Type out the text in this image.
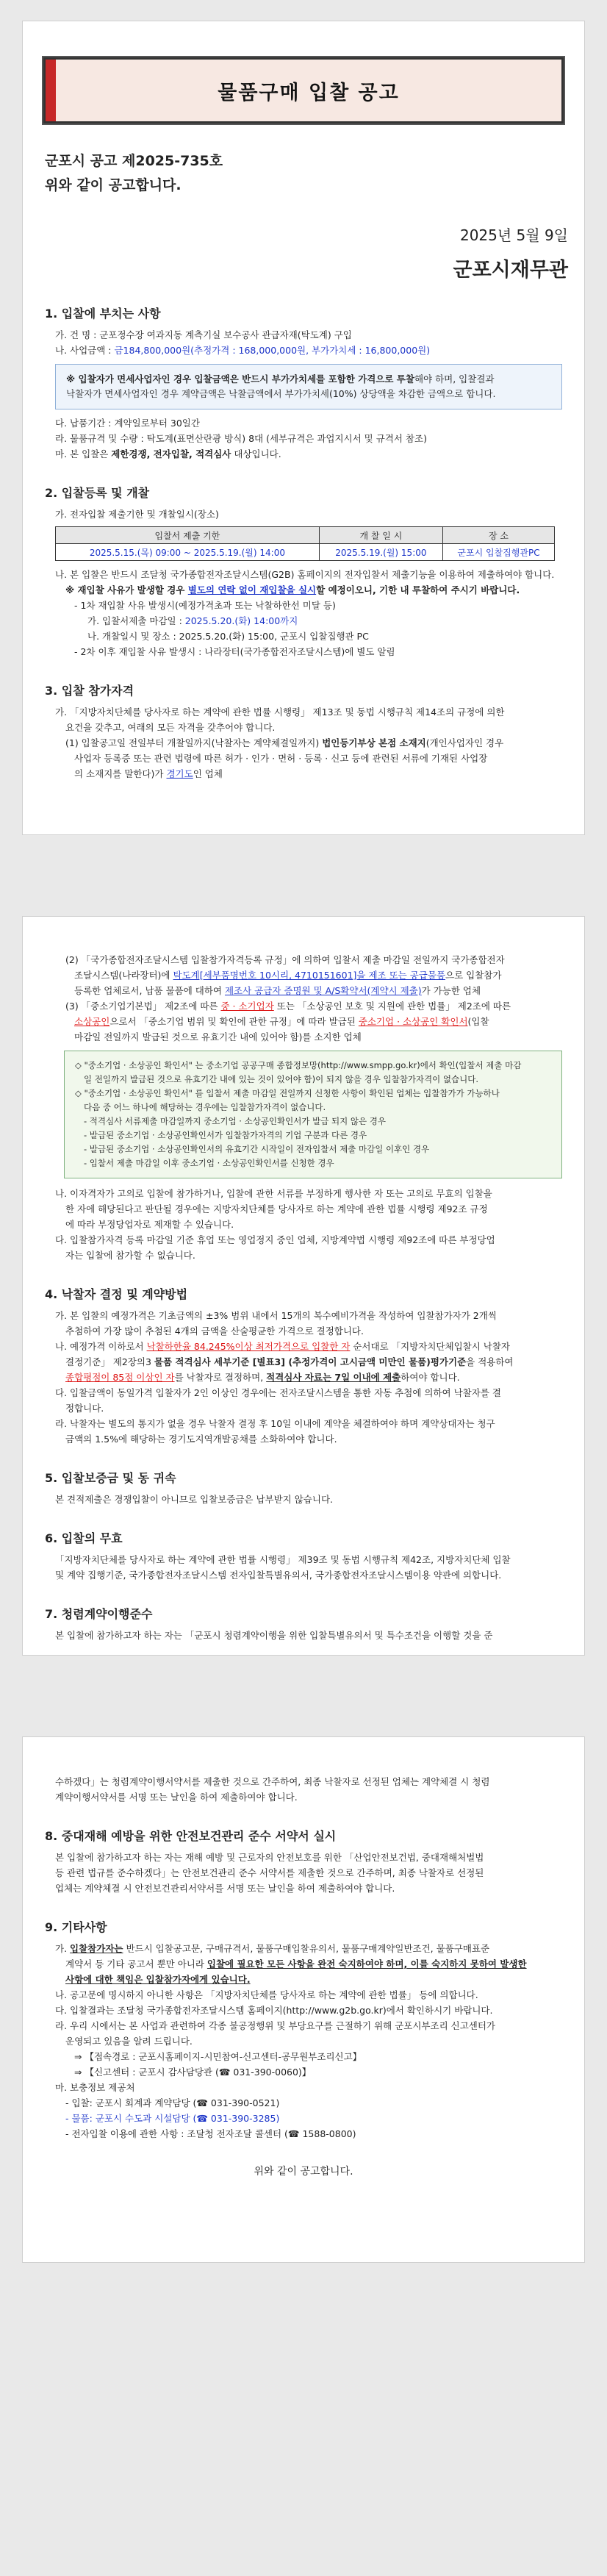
물품구매 입찰 공고
군포시 공고 제2025-735호
위와 같이 공고합니다.
2025년 5월 9일
군포시재무관
1. 입찰에 부치는 사항

가. 건 명 : 군포정수장 여과지동 계측기실 보수공사 관급자재(탁도계) 구입

나. 사업금액 : 금184,800,000원(추정가격 : 168,000,000원, 부가가치세 : 16,800,000원)

※ 입찰자가 면세사업자인 경우 입찰금액은 반드시 부가가치세를 포함한 가격으로 투찰해야 하며, 입찰결과
낙찰자가 면세사업자인 경우 계약금액은 낙찰금액에서 부가가치세(10%) 상당액을 차감한 금액으로 합니다.

다. 납품기간 : 계약일로부터 30일간

라. 물품규격 및 수량 : 탁도계(표면산란광 방식) 8대 (세부규격은 과업지시서 및 규격서 참조)

마. 본 입찰은 제한경쟁, 전자입찰, 적격심사 대상입니다.

2. 입찰등록 및 개찰

가. 전자입찰 제출기한 및 개찰일시(장소)

입찰서 제출 기한	개 찰 일 시	장 소
2025.5.15.(목) 09:00 ~ 2025.5.19.(월) 14:00	2025.5.19.(월) 15:00	군포시 입찰집행관PC

나. 본 입찰은 반드시 조달청 국가종합전자조달시스템(G2B) 홈페이지의 전자입찰서 제출기능을 이용하여 제출하여야 합니다.

※ 재입찰 사유가 발생할 경우 별도의 연락 없이 재입찰을 실시할 예정이오니, 기한 내 투찰하여 주시기 바랍니다.

- 1차 재입찰 사유 발생시(예정가격초과 또는 낙찰하한선 미달 등)

가. 입찰서제출 마감일 : 2025.5.20.(화) 14:00까지

나. 개찰일시 및 장소 : 2025.5.20.(화) 15:00, 군포시 입찰집행관 PC

- 2차 이후 재입찰 사유 발생시 : 나라장터(국가종합전자조달시스템)에 별도 알림

3. 입찰 참가자격

가. 「지방자치단체를 당사자로 하는 계약에 관한 법률 시행령」 제13조 및 동법 시행규칙 제14조의 규정에 의한

요건을 갖추고, 여래의 모든 자격을 갖추어야 합니다.

(1) 입찰공고일 전일부터 개찰일까지(낙찰자는 계약체결일까지) 법인등기부상 본점 소재지(개인사업자인 경우

사업자 등록증 또는 관련 법령에 따른 허가 · 인가 · 면허 · 등록 · 신고 등에 관련된 서류에 기재된 사업장

의 소재지를 말한다)가 경기도인 업체

(2) 「국가종합전자조달시스템 입찰참가자격등록 규정」에 의하여 입찰서 제출 마감일 전일까지 국가종합전자

조달시스템(나라장터)에 탁도계[세부품명번호 10시리, 4710151601]을 제조 또는 공급물품으로 입찰참가

등록한 업체로서, 납품 물품에 대하여 제조사 공급자 증명원 및 A/S확약서(계약시 제출)가 가능한 업체

(3) 「중소기업기본법」 제2조에 따른 중 · 소기업자 또는 「소상공인 보호 및 지원에 관한 법률」 제2조에 따른

소상공인으로서 「중소기업 범위 및 확인에 관한 규정」에 따라 발급된 중소기업 · 소상공인 확인서(입찰

마감일 전일까지 발급된 것으로 유효기간 내에 있어야 함)를 소지한 업체

◇ "중소기업 · 소상공인 확인서" 는 중소기업 공공구매 종합정보망(http://www.smpp.go.kr)에서 확인(입찰서 제출 마감
일 전일까지 발급된 것으로 유효기간 내에 있는 것이 있어야 함)이 되지 않을 경우 입찰참가자격이 없습니다.
◇ "중소기업 · 소상공인 확인서" 를 입찰서 제출 마감일 전일까지 신청한 사항이 확인된 업체는 입찰참가가 가능하나
다음 중 어느 하나에 해당하는 경우에는 입찰참가자격이 없습니다.
- 적격심사 서류제출 마감일까지 중소기업 · 소상공인확인서가 발급 되지 않은 경우
- 발급된 중소기업 · 소상공인확인서가 입찰참가자격의 기업 구분과 다른 경우
- 발급된 중소기업 · 소상공인확인서의 유효기간 시작일이 전자입찰서 제출 마감일 이후인 경우
- 입찰서 제출 마감일 이후 중소기업 · 소상공인확인서를 신청한 경우

나. 이자격자가 고의로 입찰에 참가하거나, 입찰에 관한 서류를 부정하게 행사한 자 또는 고의로 무효의 입찰을

한 자에 해당된다고 판단될 경우에는 지방자치단체를 당사자로 하는 계약에 관한 법률 시행령 제92조 규정

에 따라 부정당업자로 제재할 수 있습니다.

다. 입찰참가자격 등록 마감일 기준 휴업 또는 영업정지 중인 업체, 지방계약법 시행령 제92조에 따른 부정당업

자는 입찰에 참가할 수 없습니다.

4. 낙찰자 결정 및 계약방법

가. 본 입찰의 예정가격은 기초금액의 ±3% 범위 내에서 15개의 복수예비가격을 작성하여 입찰참가자가 2개씩

추첨하여 가장 많이 추첨된 4개의 금액을 산술평균한 가격으로 결정합니다.

나. 예정가격 이하로서 낙찰하한율 84.245%이상 최저가격으로 입찰한 자 순서대로 「지방자치단체입찰시 낙찰자

결정기준」 제2장의3 물품 적격심사 세부기준 [별표3] (추정가격이 고시금액 미만인 물품)평가기준을 적용하여

종합평점이 85점 이상인 자를 낙찰자로 결정하며, 적격심사 자료는 7일 이내에 제출하여야 합니다.

다. 입찰금액이 동일가격 입찰자가 2인 이상인 경우에는 전자조달시스템을 통한 자동 추첨에 의하여 낙찰자를 결

정합니다.

라. 낙찰자는 별도의 통지가 없을 경우 낙찰자 결정 후 10일 이내에 계약을 체결하여야 하며 계약상대자는 청구

금액의 1.5%에 해당하는 경기도지역개발공채를 소화하여야 합니다.

5. 입찰보증금 및 동 귀속

본 견적제출은 경쟁입찰이 아니므로 입찰보증금은 납부받지 않습니다.

6. 입찰의 무효

「지방자치단체를 당사자로 하는 계약에 관한 법률 시행령」 제39조 및 동법 시행규칙 제42조, 지방자치단체 입찰

및 계약 집행기준, 국가종합전자조달시스템 전자입찰특별유의서, 국가종합전자조달시스템이용 약관에 의합니다.

7. 청렴계약이행준수

본 입찰에 참가하고자 하는 자는 「군포시 청렴계약이행을 위한 입찰특별유의서 및 특수조건을 이행할 것을 준

수하겠다」는 청렴계약이행서약서를 제출한 것으로 간주하여, 최종 낙찰자로 선정된 업체는 계약체결 시 청렴

계약이행서약서를 서명 또는 날인을 하여 제출하여야 합니다.

8. 중대재해 예방을 위한 안전보건관리 준수 서약서 실시

본 입찰에 참가하고자 하는 자는 재해 예방 및 근로자의 안전보호를 위한 「산업안전보건법, 중대재해처벌법

등 관련 법규를 준수하겠다」는 안전보건관리 준수 서약서를 제출한 것으로 간주하며, 최종 낙찰자로 선정된

업체는 계약체결 시 안전보건관리서약서를 서명 또는 날인을 하여 제출하여야 합니다.

9. 기타사항

가. 입찰참가자는 반드시 입찰공고문, 구매규격서, 물품구매입찰유의서, 물품구매계약일반조건, 물품구매표준

계약서 등 기타 공고서 뿐만 아니라 입찰에 필요한 모든 사항을 완전 숙지하여야 하며, 이를 숙지하지 못하여 발생한

사항에 대한 책임은 입찰참가자에게 있습니다.

나. 공고문에 명시하지 아니한 사항은 「지방자치단체를 당사자로 하는 계약에 관한 법률」 등에 의합니다.

다. 입찰결과는 조달청 국가종합전자조달시스템 홈페이지(http://www.g2b.go.kr)에서 확인하시기 바랍니다.

라. 우리 시에서는 본 사업과 관련하여 각종 불공정행위 및 부당요구를 근절하기 위해 군포시부조리 신고센터가

운영되고 있음을 알려 드립니다.

⇒ 【접속경로 : 군포시홈페이지-시민참여-신고센터-공무원부조리신고】

⇒ 【신고센터 : 군포시 감사담당관 (☎ 031-390-0060)】

마. 보충정보 제공처

- 입찰: 군포시 회계과 계약담당 (☎ 031-390-0521)

- 물품: 군포시 수도과 시설담당 (☎ 031-390-3285)

- 전자입찰 이용에 관한 사항 : 조달청 전자조달 콜센터 (☎ 1588-0800)

위와 같이 공고합니다.
